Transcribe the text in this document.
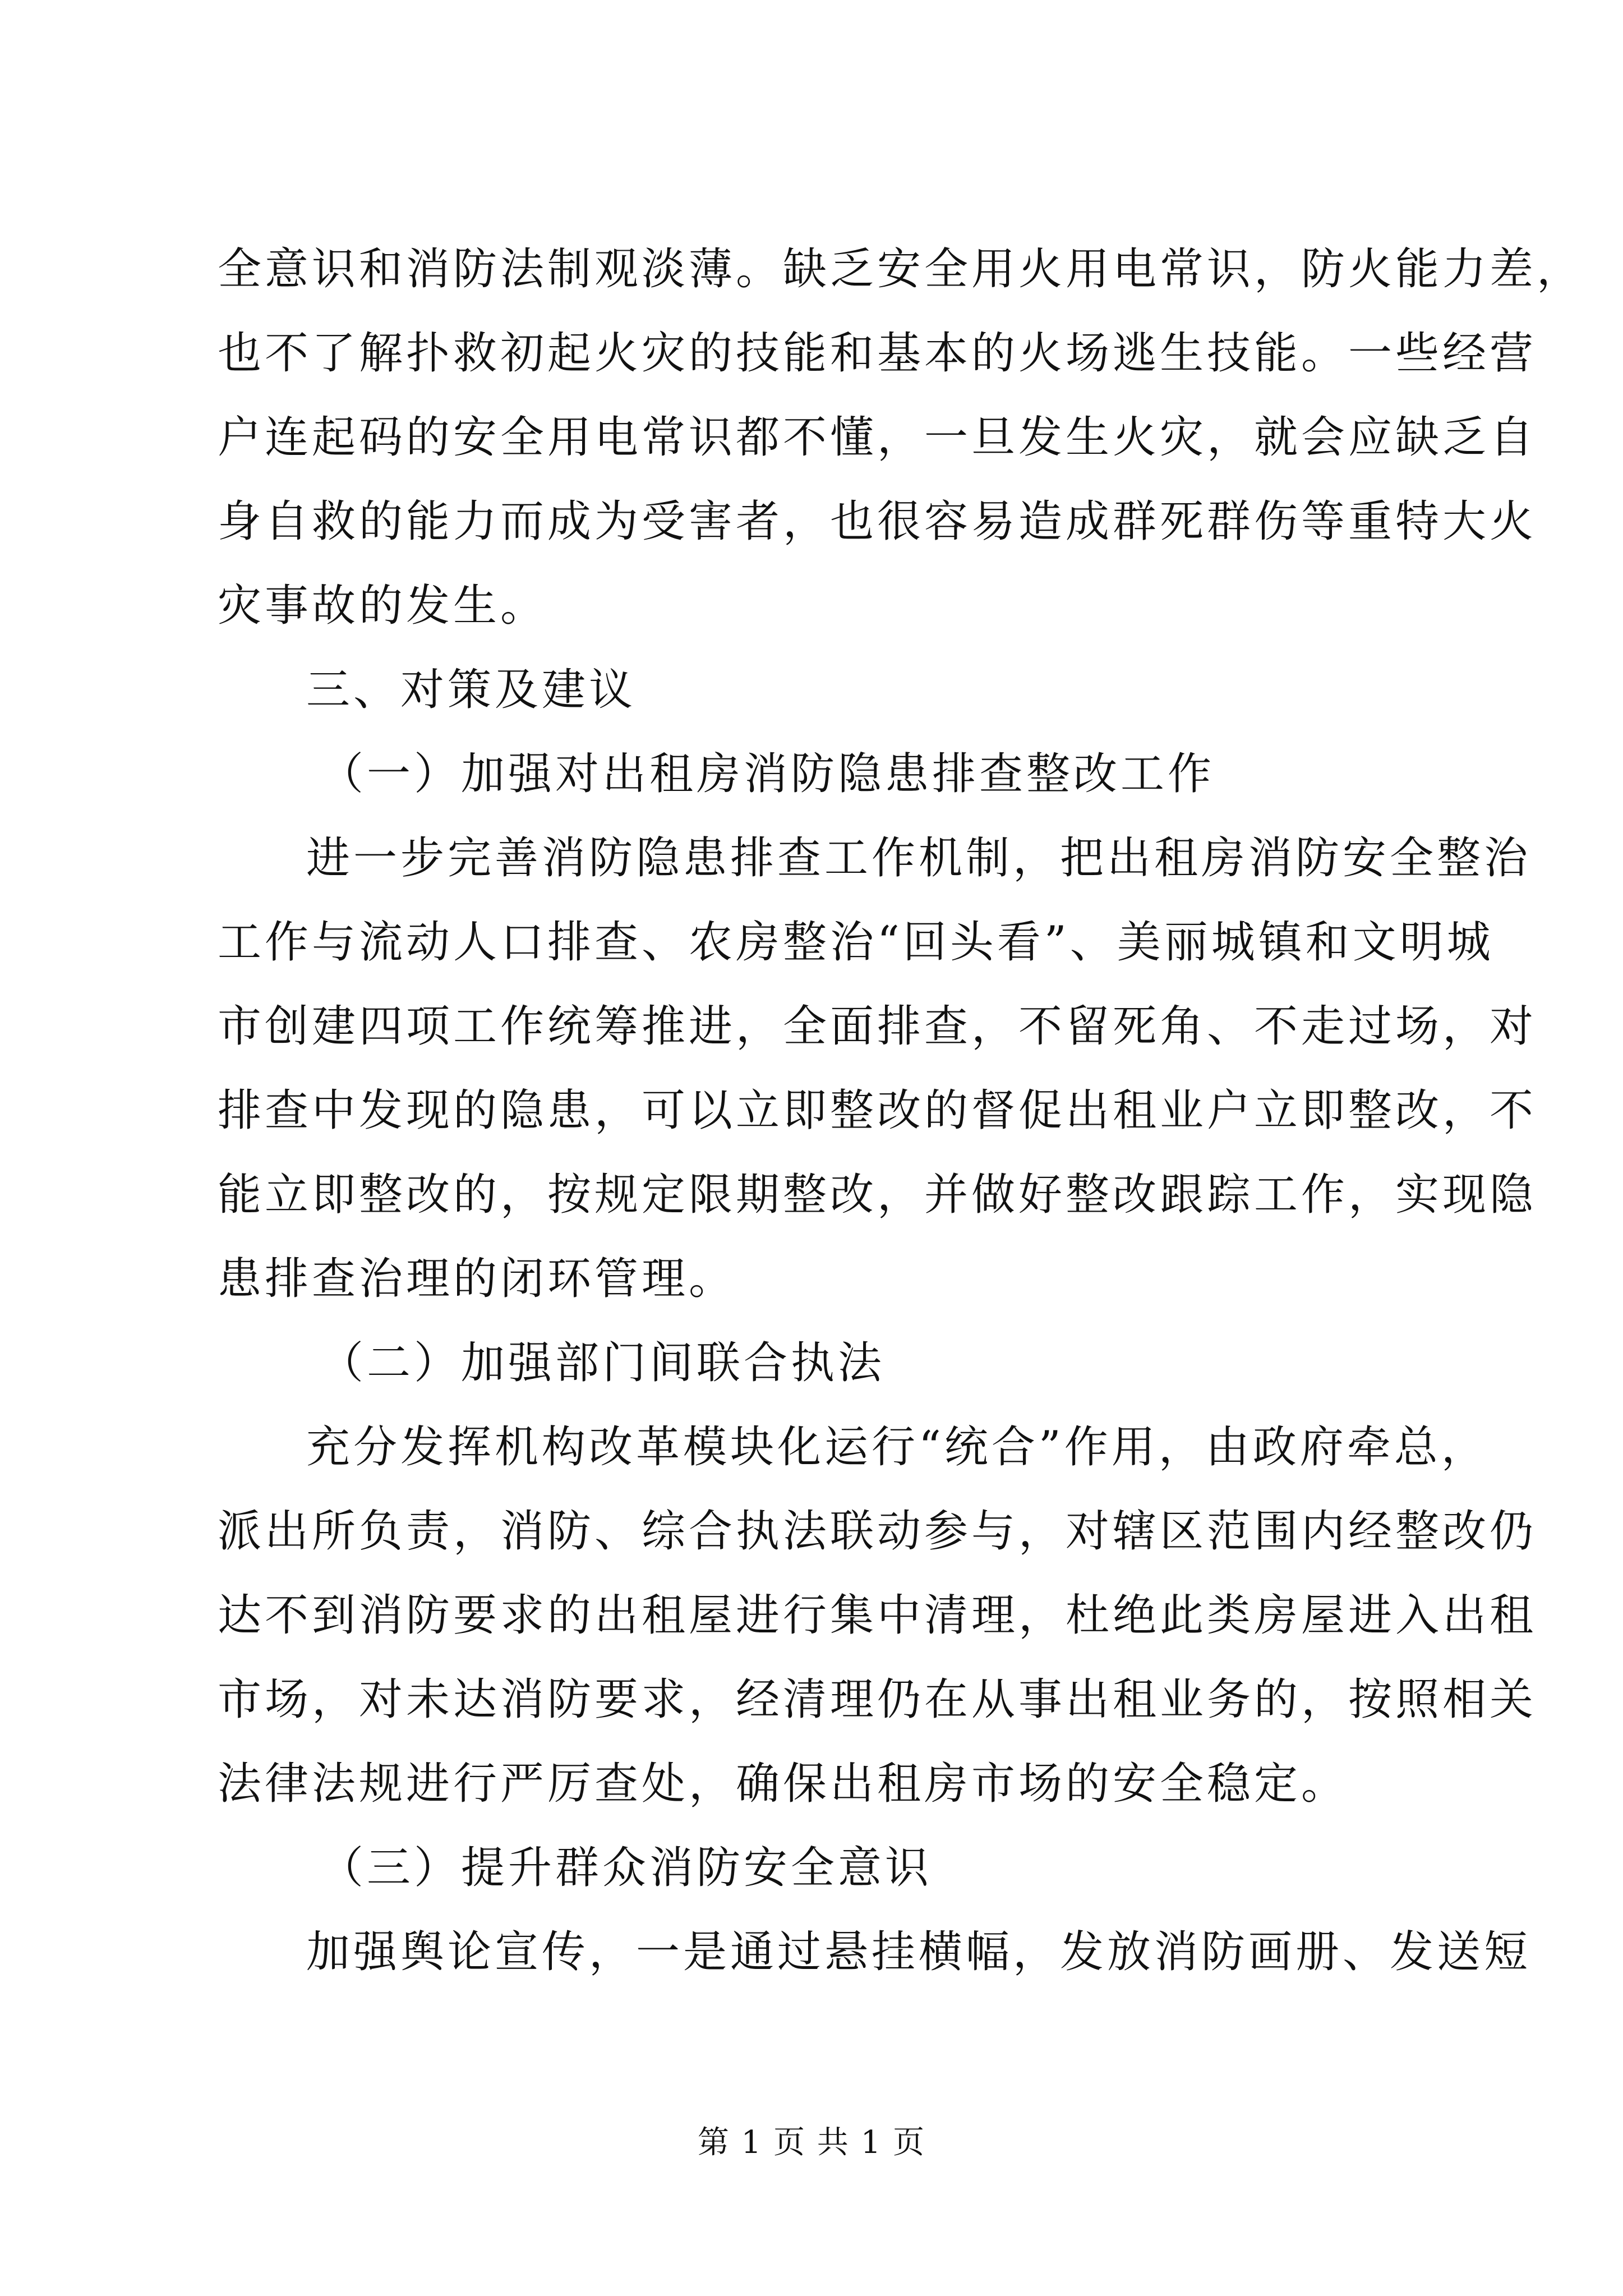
全意识和消防法制观淡薄。缺乏安全用火用电常识，防火能力差，
也不了解扑救初起火灾的技能和基本的火场逃生技能。一些经营
户连起码的安全用电常识都不懂，一旦发生火灾，就会应缺乏自
身自救的能力而成为受害者，也很容易造成群死群伤等重特大火
灾事故的发生。
三、对策及建议
（一）加强对出租房消防隐患排查整改工作
进一步完善消防隐患排查工作机制，把出租房消防安全整治
工作与流动人口排查、农房整治“回头看”、美丽城镇和文明城
市创建四项工作统筹推进，全面排查，不留死角、不走过场，对
排查中发现的隐患，可以立即整改的督促出租业户立即整改，不
能立即整改的，按规定限期整改，并做好整改跟踪工作，实现隐
患排查治理的闭环管理。
（二）加强部门间联合执法
充分发挥机构改革模块化运行“统合”作用，由政府牵总，
派出所负责，消防、综合执法联动参与，对辖区范围内经整改仍
达不到消防要求的出租屋进行集中清理，杜绝此类房屋进入出租
市场，对未达消防要求，经清理仍在从事出租业务的，按照相关
法律法规进行严厉查处，确保出租房市场的安全稳定。
第 1 页 共 1 页
（三）提升群众消防安全意识
加强舆论宣传，一是通过悬挂横幅，发放消防画册、发送短
